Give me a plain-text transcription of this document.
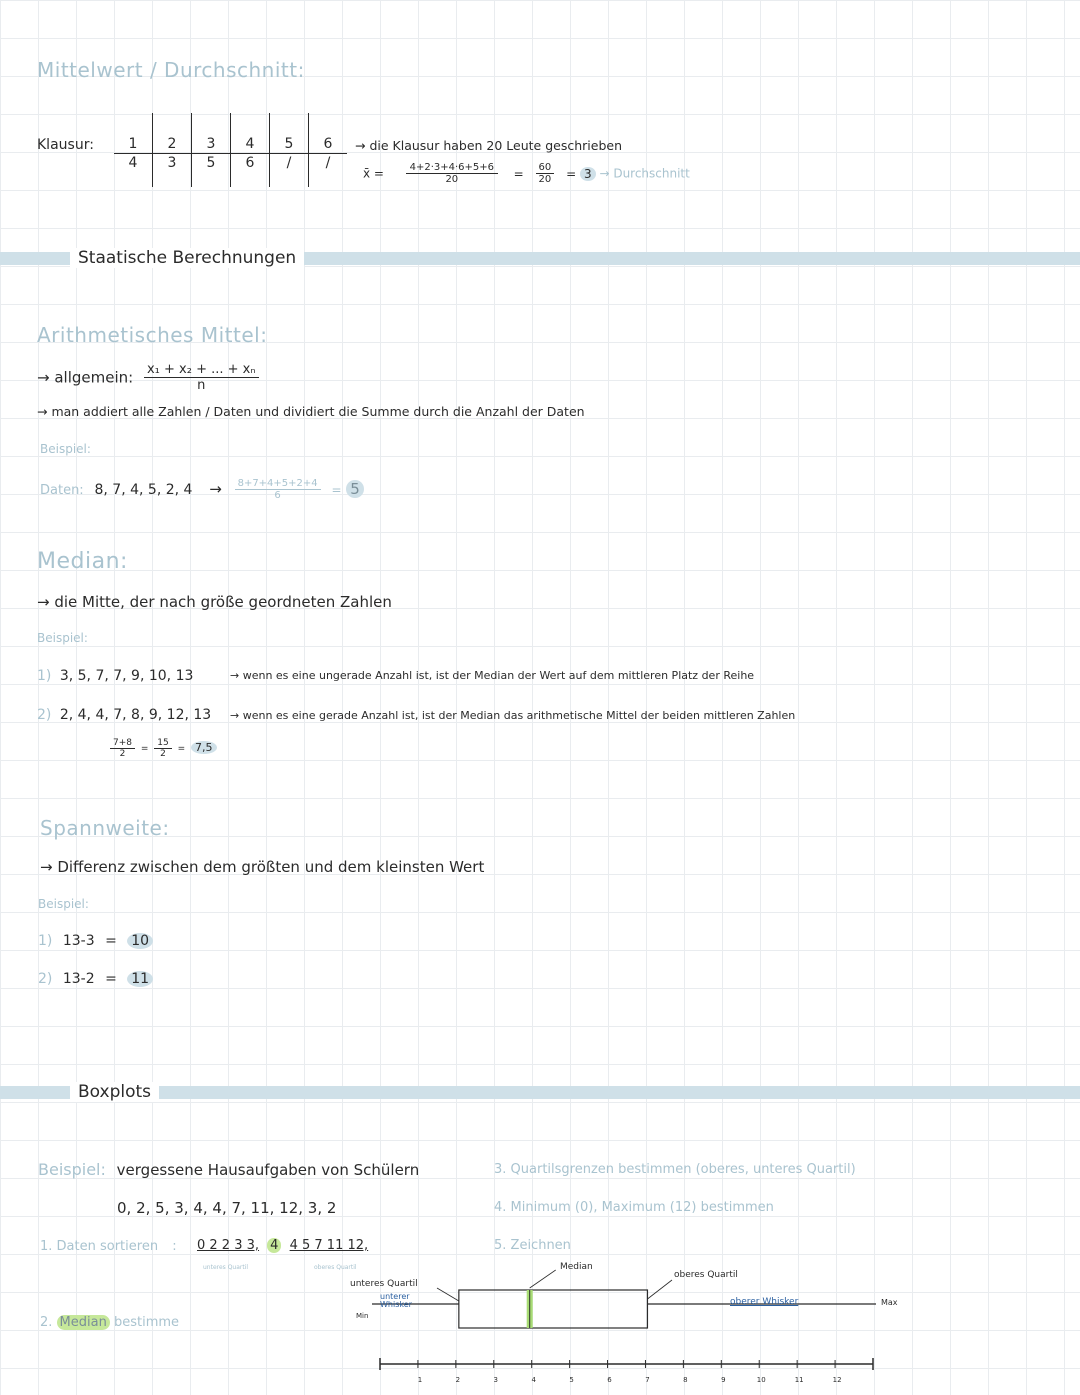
Mittelwert / Durchschnitt:
Klausur: 1	2	3	4	5	6
4	3	5	6	/	/
→ die Klausur haben 20 Leute geschrieben
x̄ = $\frac{4+2\cdot 3+4\cdot 6+5+6}{20} = \frac{60}{20} = 3$ → Durchschnitt
Staatische Berechnungen
Arithmetisches Mittel:
→ allgemein: $\frac{\text{x₁ + x₂ + ... + xₙ}}{n}$
→ man addiert alle Zahlen / Daten und dividiert die Summe durch die Anzahl der Daten
Beispiel:
Daten: 8, 7, 4, 5, 2, $4 \to \frac{8+7+4+5+2+4}{6} = 5$
Median:
→ die Mitte, der nach größe geordneten Zahlen
Beispiel:
1) 3, 5, 7, 7, 9, 10, 13	→ wenn es eine ungerade Anzahl ist, ist der Median der Wert auf dem mittleren Platz der Reihe
2) 2, 4, 4, 7, 8, 9, 12, 13 → wenn es eine gerade Anzahl ist, ist der Median das arithmetische Mittel der beiden mittleren Zahlen
$\frac{7+8}{2} = \frac{15}{2} = 7,5$
Spannweite:
→ Differenz zwischen dem größten und dem kleinsten Wert
Beispiel:
1) 13-3 = 10
2) 13-2 = 11
Boxplots
Beispiel: vergessene Hausaufgaben von Schülern
0, 2, 5, 3, 4, 4, 7, 11, 12, 3, 2
1. Daten sortieren : 0 2 2 3 3, 4 4 5 7 11 12,
unteres Quartil	oberes Quartil
2. Median bestimme
3. Quartilsgrenzen bestimmen (oberes, unteres Quartil)
4. Minimum (0), Maximum (12) bestimmen
5. Zeichnen
1	2	3	4	5	6	7	8	9	10	11	12
Median
unteres Quartil
unterer Whisker
Min
oberes Quartil
oberer Whisker	Max
